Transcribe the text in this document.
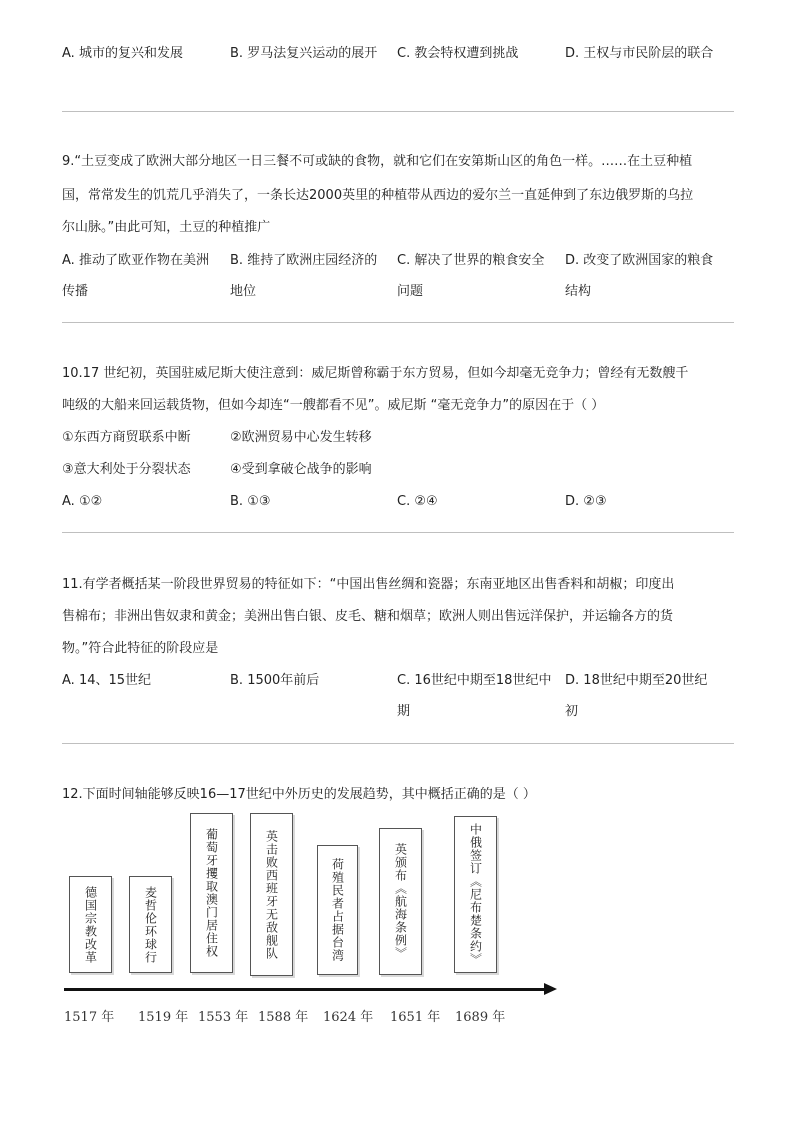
A. 城市的复兴和发展	B. 罗马法复兴运动的展开 C. 教会特权遭到挑战	D. 王权与市民阶层的联合
9.“土豆变成了欧洲大部分地区一日三餐不可或缺的食物，就和它们在安第斯山区的角色一样。……在土豆种植
国，常常发生的饥荒几乎消失了，一条长达2000英里的种植带从西边的爱尔兰一直延伸到了东边俄罗斯的乌拉
尔山脉。”由此可知，土豆的种植推广
A. 推动了欧亚作物在美洲传播
B. 维持了欧洲庄园经济的地位
C. 解决了世界的粮食安全问题
D. 改变了欧洲国家的粮食结构
10.17 世纪初，英国驻威尼斯大使注意到：威尼斯曾称霸于东方贸易，但如今却毫无竞争力；曾经有无数艘千
吨级的大船来回运载货物，但如今却连“一艘都看不见”。威尼斯 “毫无竞争力”的原因在于（ ）
①东西方商贸联系中断	②欧洲贸易中心发生转移
③意大利处于分裂状态	④受到拿破仑战争的影响
A. ①②	B. ①③	C. ②④	D. ②③
11.有学者概括某一阶段世界贸易的特征如下：“中国出售丝绸和瓷器；东南亚地区出售香料和胡椒；印度出
售棉布；非洲出售奴隶和黄金；美洲出售白银、皮毛、糖和烟草；欧洲人则出售远洋保护，并运输各方的货
物。”符合此特征的阶段应是
A. 14、15世纪	B. 1500年前后	C. 16世纪中期至18世纪中期
D. 18世纪中期至20世纪初
12.下面时间轴能够反映16—17世纪中外历史的发展趋势，其中概括正确的是（ ）
德国宗教改革	麦哲伦环球行	葡萄牙攫取澳门居住权	英击败西班牙无敌舰队	荷殖民者占据台湾	英颁布《航海条例》	中俄签订《尼布楚条约》
1517 年 1519 年 1553 年 1588 年 1624 年 1651 年 1689 年
